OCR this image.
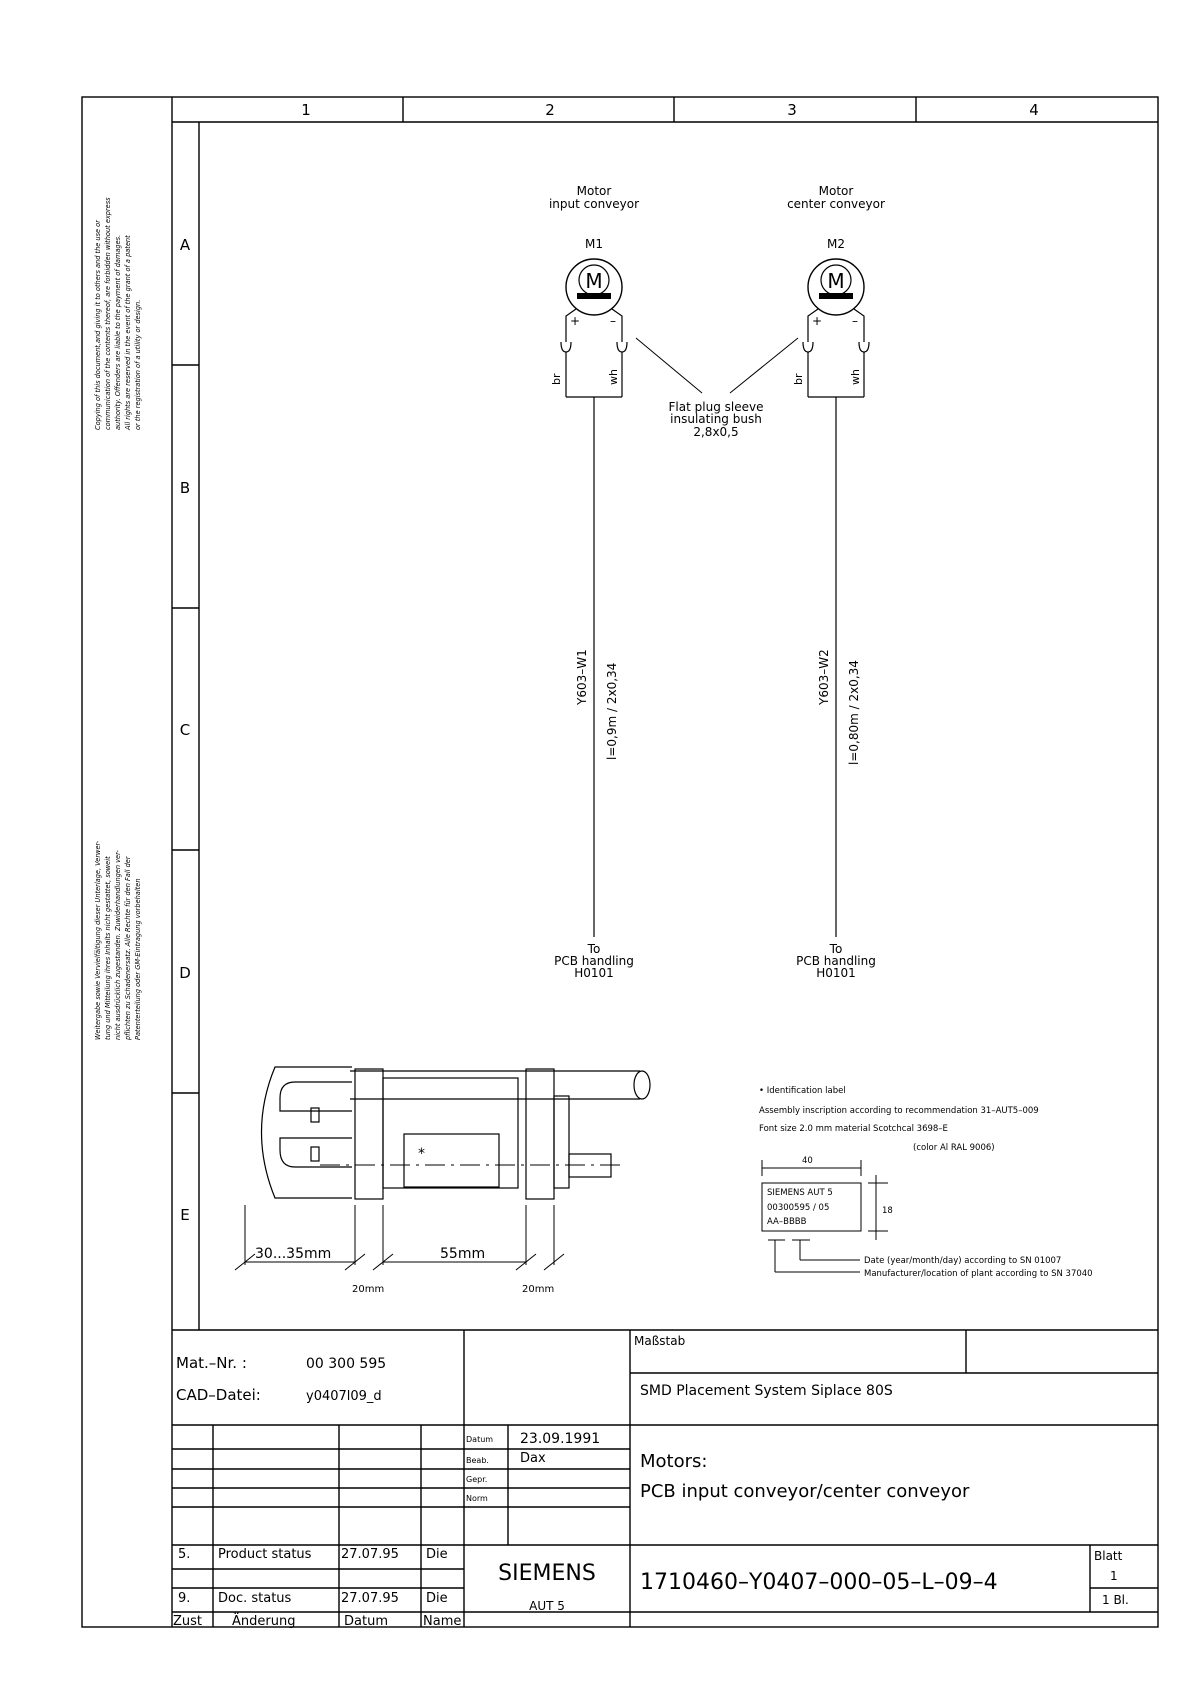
1	2	3	4
A
B
C
D
E
Copying of this document,and giving it to others and the use or communication of the contents thereof, are forbidden without express authority. Offenders are liable to the payment of damages. All rights are reserved in the event of the grant of a patent or the registration of a utility or design.
Weitergabe sowie Vervielfältigung dieser Unterlage, Verwer- tung und Mitteilung ihres Inhalts nicht gestattet, soweit nicht ausdrücklich zugestanden. Zuwiderhandlungen ver- pflichten zu Schadenersatz. Alle Rechte für den Fall der Patenterteilung oder GM-Eintragung vorbehalten
Motor
input conveyor
M1
M
+ –
br	wh
Y603–W1 l=0,9m / 2x0,34
To
PCB handling
H0101
Motor
center conveyor
M2
M
+ –
br	wh
Y603–W2 l=0,80m / 2x0,34
To
PCB handling
H0101
Flat plug sleeve
insulating bush
2,8x0,5
*
30...35mm	55mm
20mm	20mm
• Identification label
Assembly inscription according to recommendation 31–AUT5–009
Font size 2.0 mm material Scotchcal 3698–E
(color Al RAL 9006)
40
18
SIEMENS AUT 5
00300595 / 05
AA–BBBB
Date (year/month/day) according to SN 01007
Manufacturer/location of plant according to SN 37040
Mat.–Nr. :	00 300 595
CAD–Datei:	y0407l09_d
Maßstab
SMD Placement System Siplace 80S
Datum 23.09.1991
Beab. Dax
Gepr.
Norm
Motors:
PCB input conveyor/center conveyor
5. Product status 27.07.95 Die
9. Doc. status	27.07.95 Die
Zust Änderung	Datum	Name
SIEMENS
AUT 5
1710460–Y0407–000–05–L–09–4
Blatt
1
1 Bl.
